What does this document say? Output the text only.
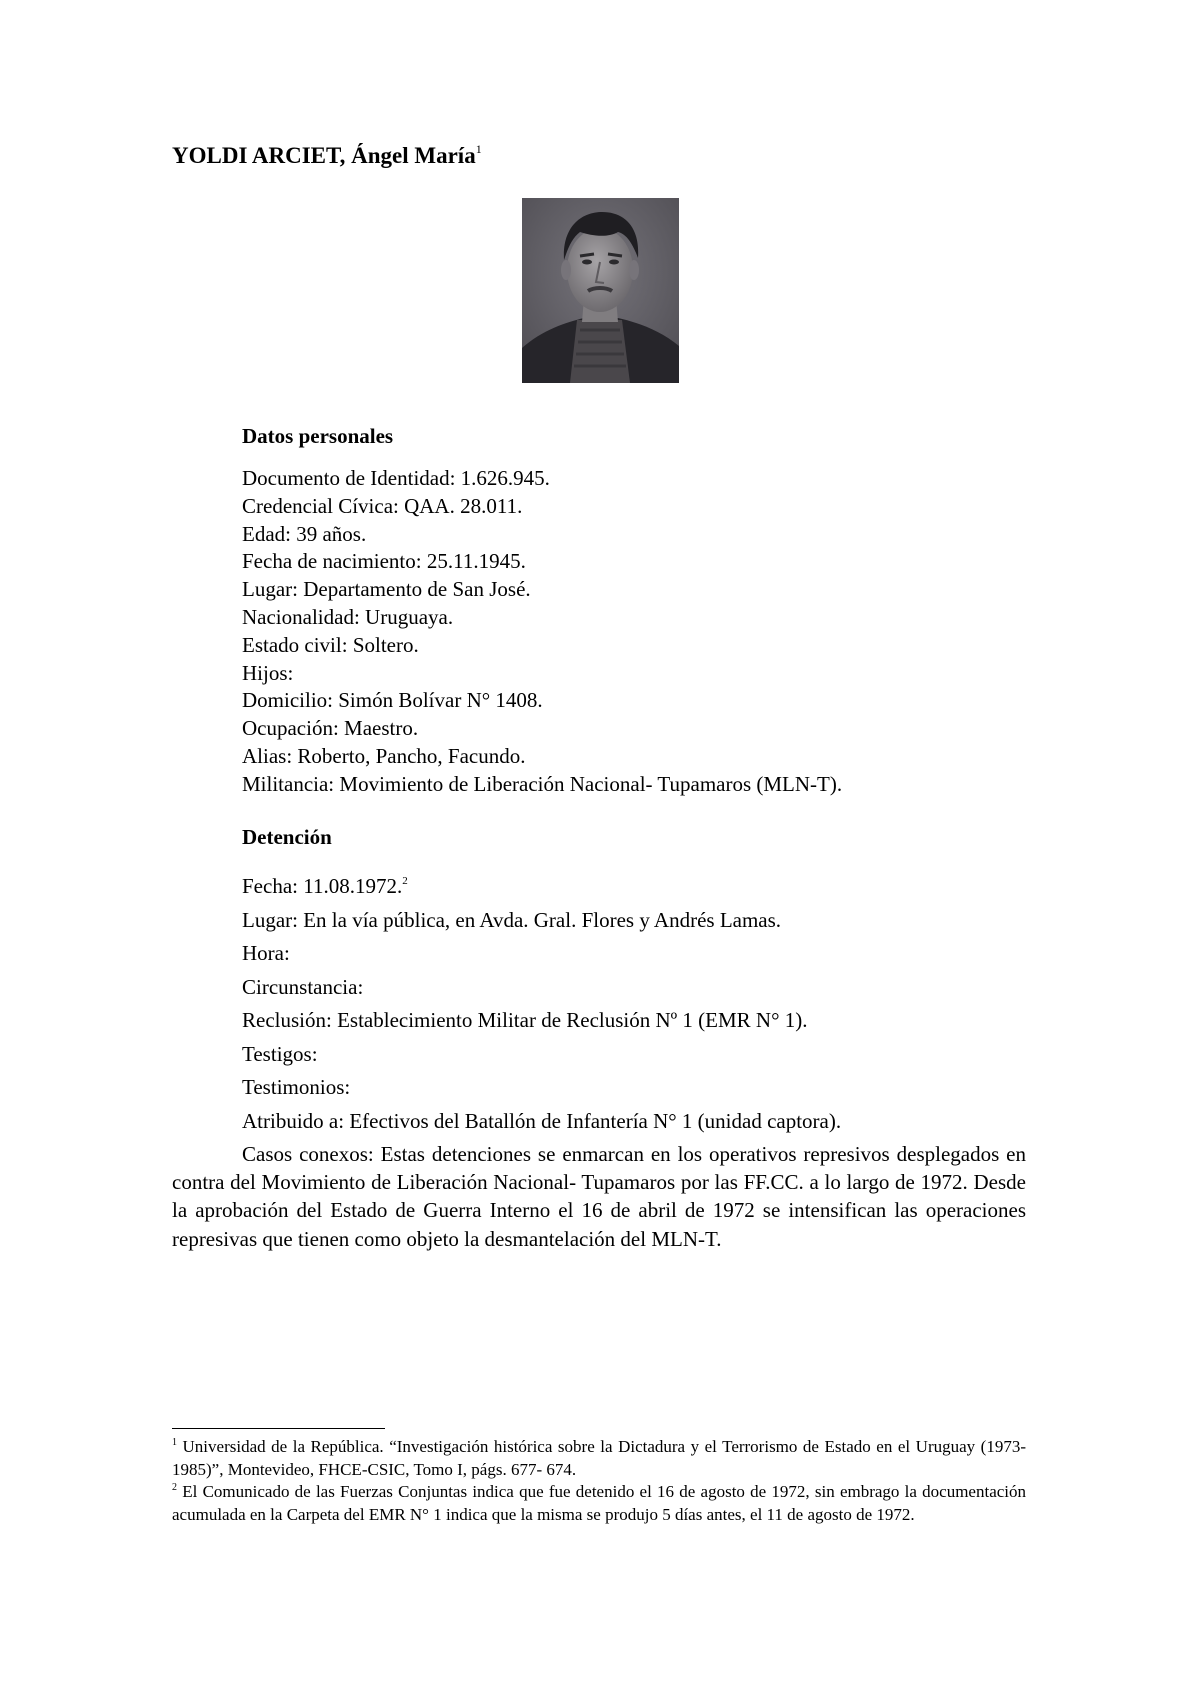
YOLDI ARCIET, Ángel María$^1$
Datos personales
Documento de Identidad: 1.626.945.
Credencial Cívica: QAA. 28.011.
Edad: 39 años.
Fecha de nacimiento: 25.11.1945.
Lugar: Departamento de San José.
Nacionalidad: Uruguaya.
Estado civil: Soltero.
Hijos:
Domicilio: Simón Bolívar N° 1408.
Ocupación: Maestro.
Alias: Roberto, Pancho, Facundo.
Militancia: Movimiento de Liberación Nacional- Tupamaros (MLN-T).
Detención
Fecha: 11.08.1972.$^2$
Lugar: En la vía pública, en Avda. Gral. Flores y Andrés Lamas.
Hora:
Circunstancia:
Reclusión: Establecimiento Militar de Reclusión Nº 1 (EMR N° 1).
Testigos:
Testimonios:
Atribuido a: Efectivos del Batallón de Infantería N° 1 (unidad captora).

Casos conexos: Estas detenciones se enmarcan en los operativos represivos desplegados en contra del Movimiento de Liberación Nacional- Tupamaros por las FF.CC. a lo largo de 1972. Desde la aprobación del Estado de Guerra Interno el 16 de abril de 1972 se intensifican las operaciones represivas que tienen como objeto la desmantelación del MLN-T.

$^1$ Universidad de la República. “Investigación histórica sobre la Dictadura y el Terrorismo de Estado en el Uruguay (1973-1985)”, Montevideo, FHCE-CSIC, Tomo I, págs. 677- 674.

$^2$ El Comunicado de las Fuerzas Conjuntas indica que fue detenido el 16 de agosto de 1972, sin embrago la documentación acumulada en la Carpeta del EMR N° 1 indica que la misma se produjo 5 días antes, el 11 de agosto de 1972.
